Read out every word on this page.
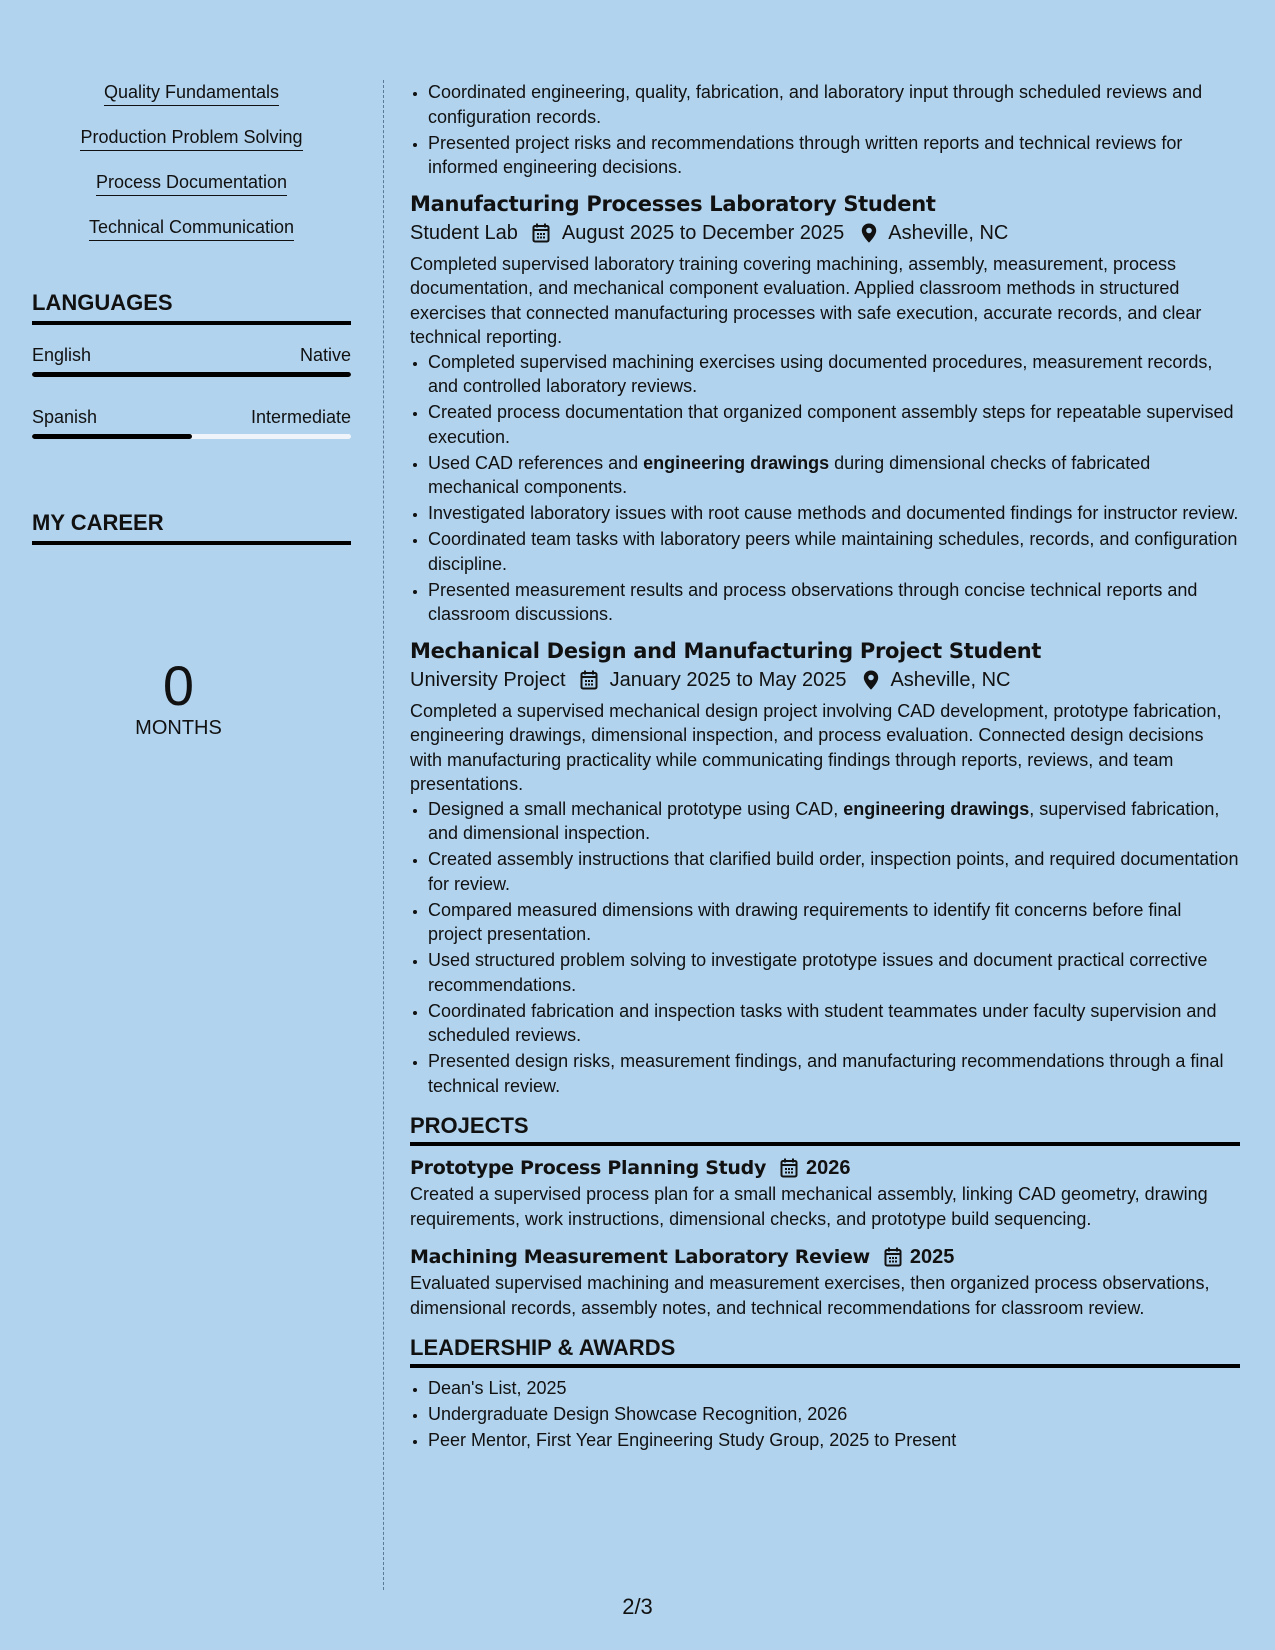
Quality Fundamentals
Production Problem Solving
Process Documentation
Technical Communication
LANGUAGES
English	Native
Spanish	Intermediate
MY CAREER
0
MONTHS
• Coordinated engineering, quality, fabrication, and laboratory input through scheduled reviews and configuration records.
• Presented project risks and recommendations through written reports and technical reviews for informed engineering decisions.
Manufacturing Processes Laboratory Student
Student Lab August 2025 to December 2025 Asheville, NC

Completed supervised laboratory training covering machining, assembly, measurement, process documentation, and mechanical component evaluation. Applied classroom methods in structured exercises that connected manufacturing processes with safe execution, accurate records, and clear technical reporting.

• Completed supervised machining exercises using documented procedures, measurement records, and controlled laboratory reviews.
• Created process documentation that organized component assembly steps for repeatable supervised execution.
• Used CAD references and engineering drawings during dimensional checks of fabricated mechanical components.
• Investigated laboratory issues with root cause methods and documented findings for instructor review.
• Coordinated team tasks with laboratory peers while maintaining schedules, records, and configuration discipline.
• Presented measurement results and process observations through concise technical reports and classroom discussions.
Mechanical Design and Manufacturing Project Student
University Project January 2025 to May 2025 Asheville, NC

Completed a supervised mechanical design project involving CAD development, prototype fabrication, engineering drawings, dimensional inspection, and process evaluation. Connected design decisions with manufacturing practicality while communicating findings through reports, reviews, and team presentations.

• Designed a small mechanical prototype using CAD, engineering drawings, supervised fabrication, and dimensional inspection.
• Created assembly instructions that clarified build order, inspection points, and required documentation for review.
• Compared measured dimensions with drawing requirements to identify fit concerns before final project presentation.
• Used structured problem solving to investigate prototype issues and document practical corrective recommendations.
• Coordinated fabrication and inspection tasks with student teammates under faculty supervision and scheduled reviews.
• Presented design risks, measurement findings, and manufacturing recommendations through a final technical review.
PROJECTS
Prototype Process Planning Study 2026

Created a supervised process plan for a small mechanical assembly, linking CAD geometry, drawing requirements, work instructions, dimensional checks, and prototype build sequencing.

Machining Measurement Laboratory Review 2025

Evaluated supervised machining and measurement exercises, then organized process observations, dimensional records, assembly notes, and technical recommendations for classroom review.

LEADERSHIP & AWARDS
• Dean's List, 2025
• Undergraduate Design Showcase Recognition, 2026
• Peer Mentor, First Year Engineering Study Group, 2025 to Present
2/3
